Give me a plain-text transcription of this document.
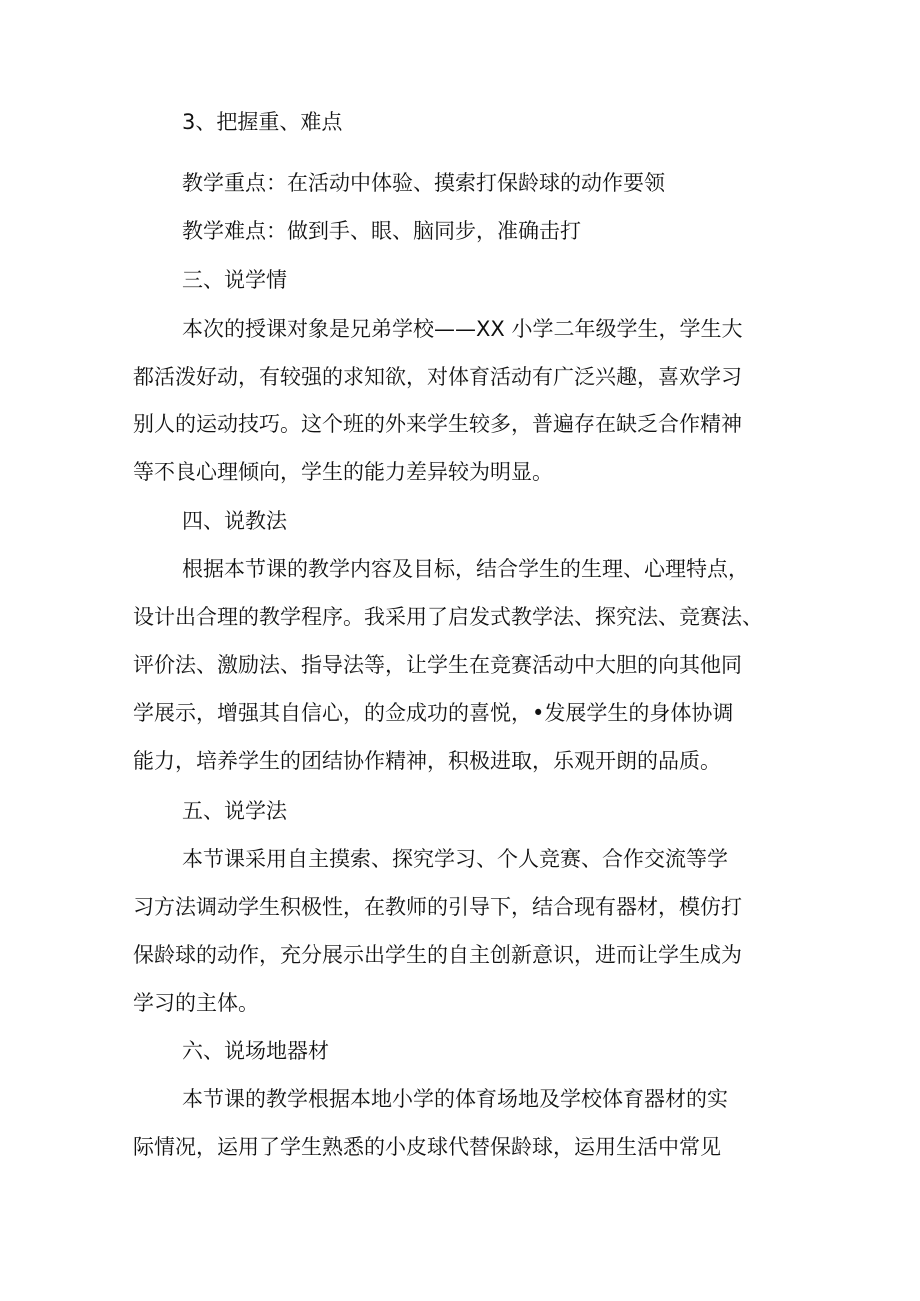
3、把握重、难点
教学重点：在活动中体验、摸索打保龄球的动作要领
教学难点：做到手、眼、脑同步，准确击打
三、说学情
本次的授课对象是兄弟学校——XX 小学二年级学生，学生大
都活泼好动，有较强的求知欲，对体育活动有广泛兴趣，喜欢学习
别人的运动技巧。这个班的外来学生较多，普遍存在缺乏合作精神
等不良心理倾向，学生的能力差异较为明显。
四、说教法
根据本节课的教学内容及目标，结合学生的生理、心理特点，
设计出合理的教学程序。我采用了启发式教学法、探究法、竞赛法、
评价法、激励法、指导法等，让学生在竞赛活动中大胆的向其他同
学展示，增强其自信心，的佥成功的喜悦，•发展学生的身体协调
能力，培养学生的团结协作精神，积极进取，乐观开朗的品质。
五、说学法
本节课采用自主摸索、探究学习、个人竞赛、合作交流等学
习方法调动学生积极性，在教师的引导下，结合现有器材，模仿打
保龄球的动作，充分展示出学生的自主创新意识，进而让学生成为
学习的主体。
六、说场地器材
本节课的教学根据本地小学的体育场地及学校体育器材的实
际情况，运用了学生熟悉的小皮球代替保龄球，运用生活中常见
